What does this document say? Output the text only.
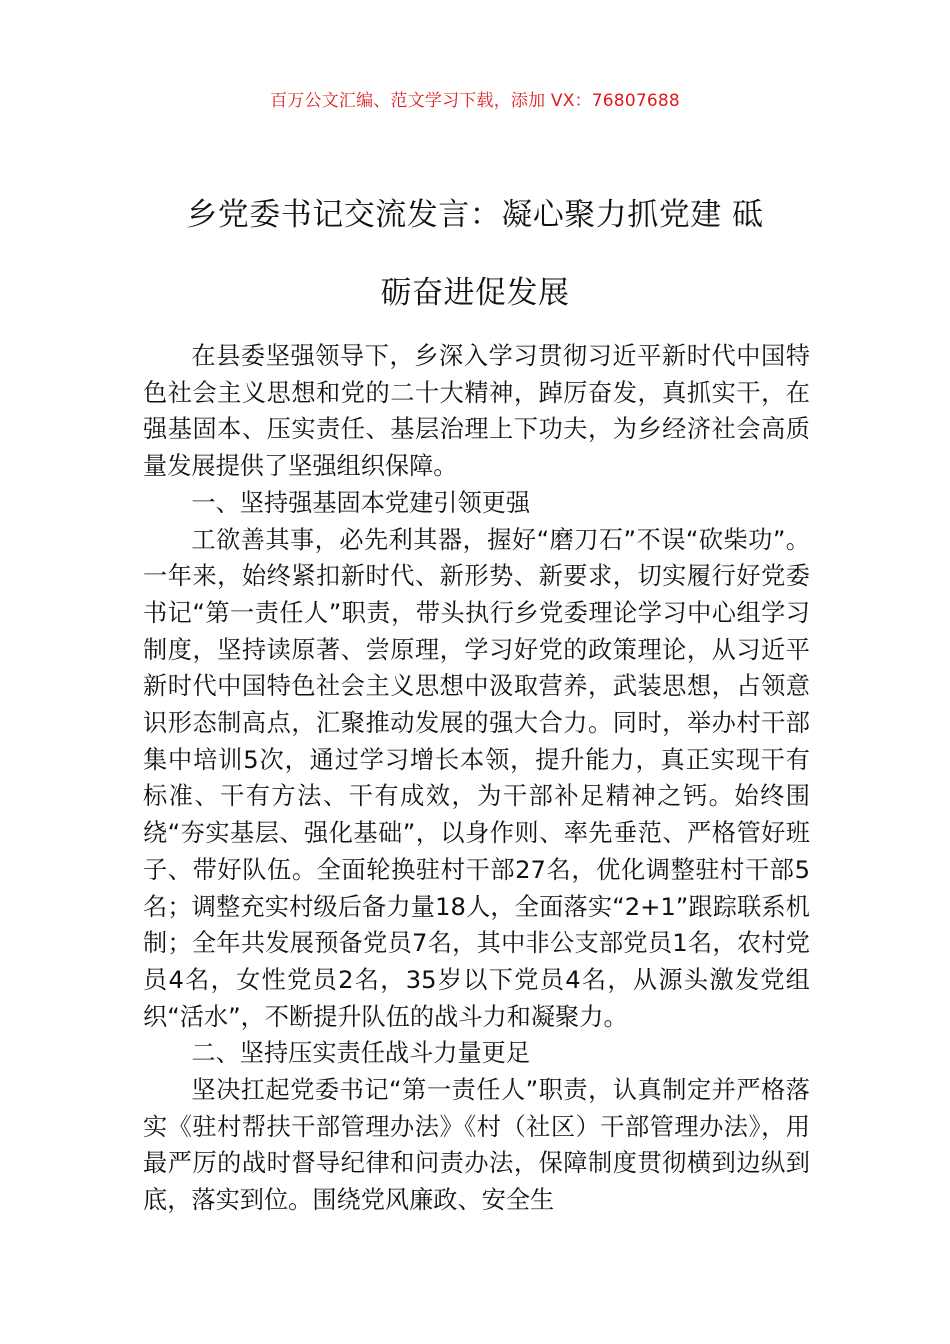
百万公文汇编、范文学习下载，添加 VX：76807688
乡党委书记交流发言：凝心聚力抓党建 砥
砺奋进促发展

在县委坚强领导下，乡深入学习贯彻习近平新时代中国特色社会主义思想和党的二十大精神，踔厉奋发，真抓实干，在强基固本、压实责任、基层治理上下功夫，为乡经济社会高质量发展提供了坚强组织保障。

一、坚持强基固本党建引领更强

工欲善其事，必先利其器，握好“磨刀石”不误“砍柴功”。一年来，始终紧扣新时代、新形势、新要求，切实履行好党委书记“第一责任人”职责，带头执行乡党委理论学习中心组学习制度，坚持读原著、尝原理，学习好党的政策理论，从习近平新时代中国特色社会主义思想中汲取营养，武装思想，占领意识形态制高点，汇聚推动发展的强大合力。同时，举办村干部集中培训5次，通过学习增长本领，提升能力，真正实现干有标准、干有方法、干有成效，为干部补足精神之钙。始终围绕“夯实基层、强化基础”，以身作则、率先垂范、严格管好班子、带好队伍。全面轮换驻村干部27名，优化调整驻村干部5名；调整充实村级后备力量18人，全面落实“2+1”跟踪联系机制；全年共发展预备党员7名，其中非公支部党员1名，农村党员4名，女性党员2名，35岁以下党员4名，从源头激发党组织“活水”，不断提升队伍的战斗力和凝聚力。

二、坚持压实责任战斗力量更足

坚决扛起党委书记“第一责任人”职责，认真制定并严格落实《驻村帮扶干部管理办法》《村（社区）干部管理办法》，用最严厉的战时督导纪律和问责办法，保障制度贯彻横到边纵到底，落实到位。围绕党风廉政、安全生
